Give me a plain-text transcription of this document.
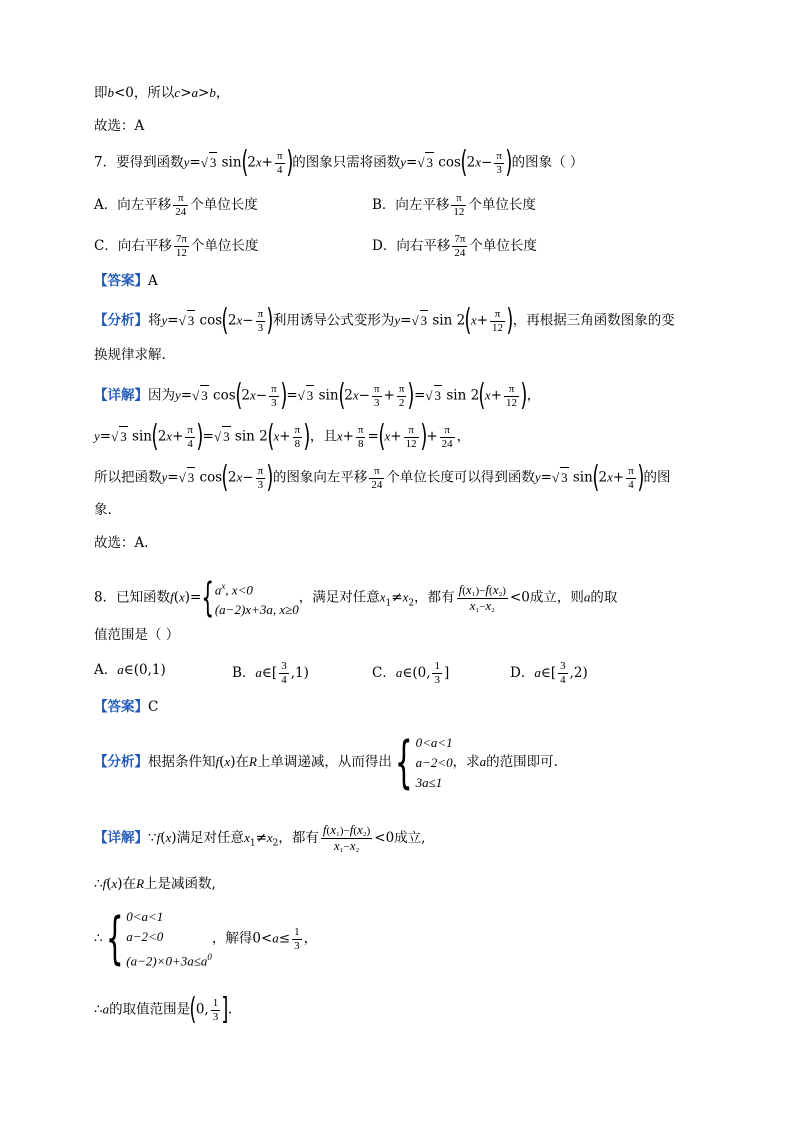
即b<0，所以c>a>b，
故选：A
7．要得到函数y=√ 3 $\sin(2x+ \frac{\pi}{4}$ )的图象只需将函数y=√ 3 $\cos(2x- \frac{\pi}{3}$ )的图象（ ）
A．向左平移 $\frac{\pi}{24}$ 个单位长度	B．向左平移 $\frac{\pi}{12}$ 个单位长度
C．向右平移 $\frac{7\pi}{12}$ 个单位长度	D．向右平移 $\frac{7\pi}{24}$ 个单位长度
【答案】A
【分析】将y=√ 3 $\cos(2x- \frac{\pi}{3}$ )利用诱导公式变形为y=√ 3 $\sin 2(x+ \frac{\pi}{12}$ )，再根据三角函数图象的变
换规律求解.
【详解】因为y=√ 3 $\cos(2x- \frac{\pi}{3}$ )=√ 3 $\sin(2x- \frac{\pi}{3} + \frac{\pi}{2}$ )=√ 3 $\sin 2(x+ \frac{\pi}{12}$ )，
y=√ 3 $\sin(2x+ \frac{\pi}{4}$ )=√ 3 $\sin 2(x+ \frac{\pi}{8}$ )，且$x+ \frac{\pi}{8} =(x+ \frac{\pi}{12}$ )+ $\frac{\pi}{24}$ ，
所以把函数y=√ 3 $\cos(2x- \frac{\pi}{3}$ )的图象向左平移 $\frac{\pi}{24}$ 个单位长度可以得到函数y=√ 3 $\sin(2x+ \frac{\pi}{4}$ )的图
象.
故选：A.
8．已知函数f(x)={ $a^x$, x<0
(a−2)x+3a, x≥0
，满足对任意$x_1\ne x_2$，都有 $\frac{\text{f(x₁)−f(x₂)}}{\text{x₁−x₂}} <0$成立，则a的取
值范围是（ ）
A．a∈(0,1)	B．a∈[ $\frac{3}{4} ,1$)	C．a∈(0, $\frac{1}{3}$ ]	D．a∈[ $\frac{3}{4} ,2$)
【答案】C
【分析】根据条件知f(x)在R上单调递减，从而得出{ 0<a<1
a−2<0
3a≤1
，求a的范围即可.
【详解】∵f(x)满足对任意$x_1\ne x_2$，都有 $\frac{\text{f(x₁)−f(x₂)}}{\text{x₁−x₂}} <0$成立,
∴f(x)在R上是减函数,
∴{ 0<a<1
a−2<0
$(a-2)\times 0+3a\le a^0$
，解得$0<a\le \frac{1}{3}$ ，
∴a的取值范围是(0, $\frac{1}{3}$ ].
